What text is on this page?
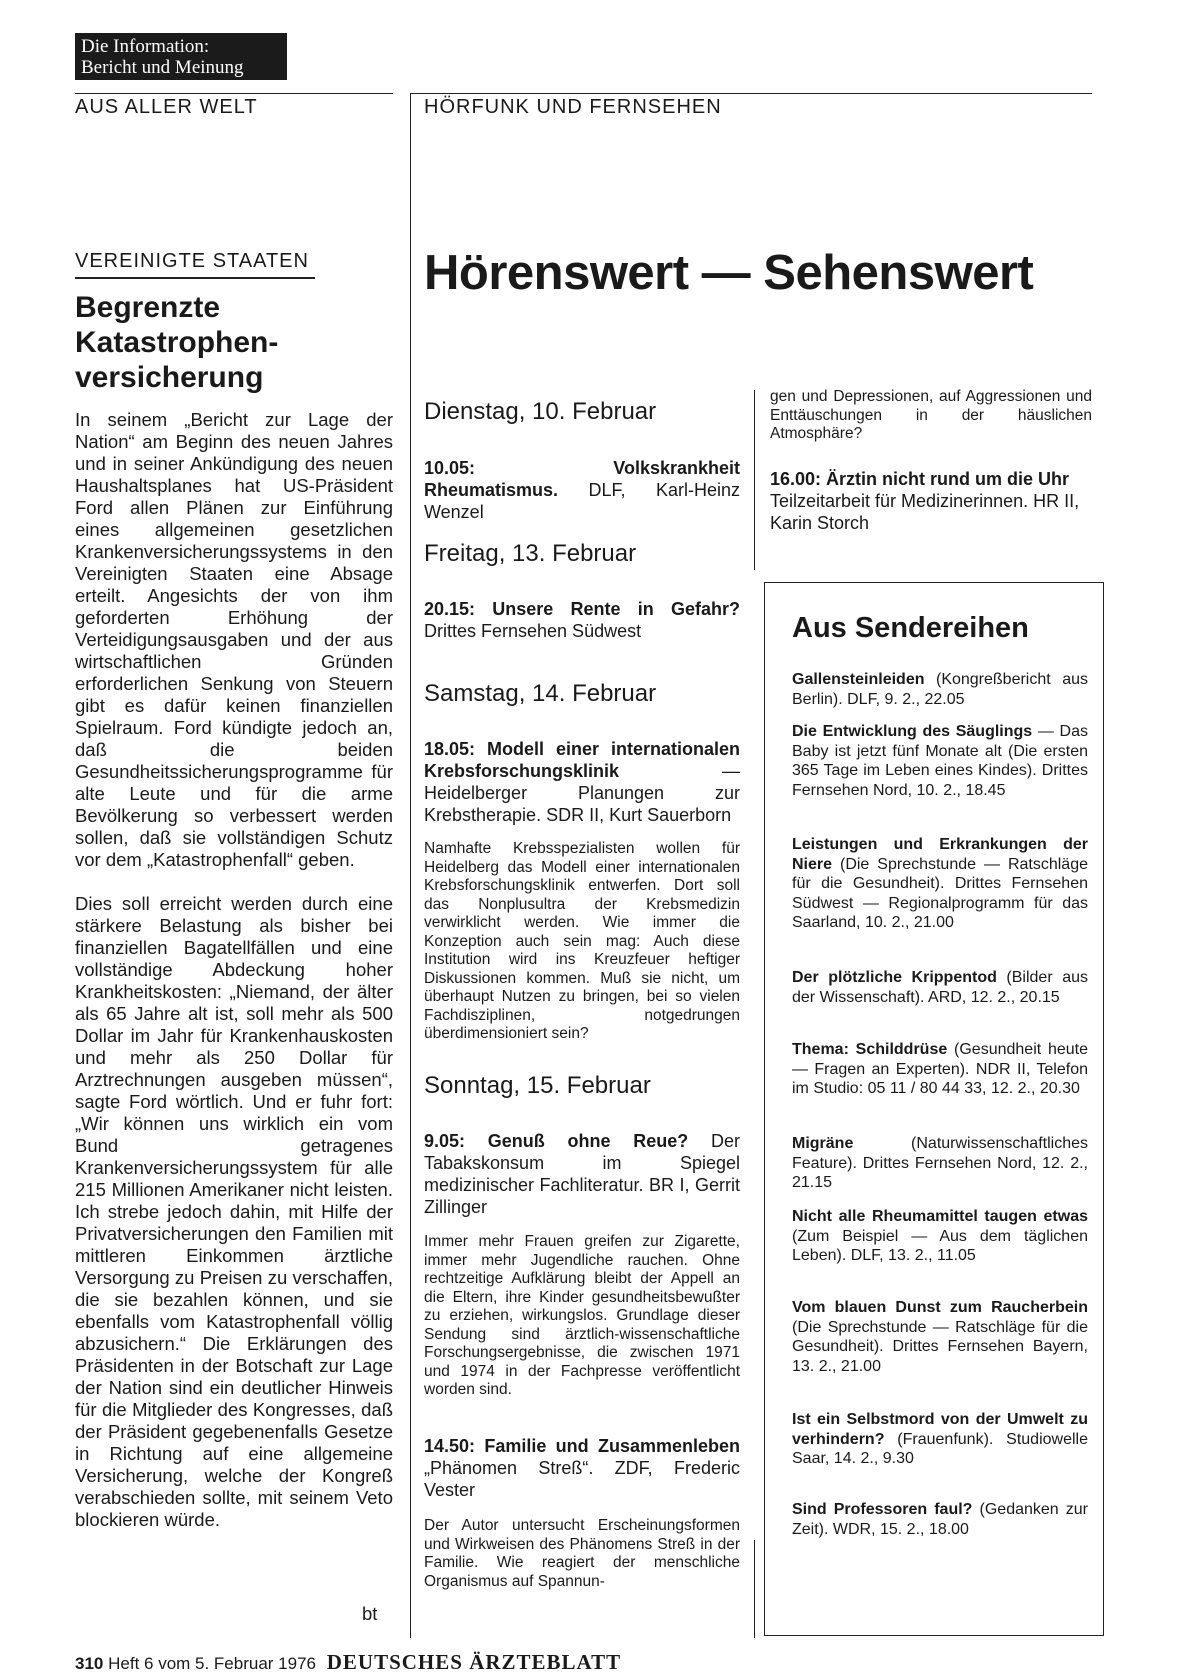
Die Information:
Bericht und Meinung
AUS ALLER WELT	HÖRFUNK UND FERNSEHEN
VEREINIGTE STAATEN
Begrenzte
Katastrophen-
versicherung
In seinem „Bericht zur Lage der Nation“ am Beginn des neuen Jahres und in seiner Ankündigung des neuen Haushaltsplanes hat US-Präsident Ford allen Plänen zur Einführung eines allgemeinen gesetzlichen Krankenversicherungssystems in den Vereinigten Staaten eine Absage erteilt. Angesichts der von ihm geforderten Erhöhung der Verteidigungsausgaben und der aus wirtschaftlichen Gründen erforderlichen Senkung von Steuern gibt es dafür keinen finanziellen Spielraum. Ford kündigte jedoch an, daß die beiden Gesundheitssicherungsprogramme für alte Leute und für die arme Bevölkerung so verbessert werden sollen, daß sie vollständigen Schutz vor dem „Katastrophenfall“ geben.
Dies soll erreicht werden durch eine stärkere Belastung als bisher bei finanziellen Bagatellfällen und eine vollständige Abdeckung hoher Krankheitskosten: „Niemand, der älter als 65 Jahre alt ist, soll mehr als 500 Dollar im Jahr für Krankenhauskosten und mehr als 250 Dollar für Arztrechnungen ausgeben müssen“, sagte Ford wörtlich. Und er fuhr fort: „Wir können uns wirklich ein vom Bund getragenes Krankenversicherungssystem für alle 215 Millionen Amerikaner nicht leisten. Ich strebe jedoch dahin, mit Hilfe der Privatversicherungen den Familien mit mittleren Einkommen ärztliche Versorgung zu Preisen zu verschaffen, die sie bezahlen können, und sie ebenfalls vom Katastrophenfall völlig abzusichern.“ Die Erklärungen des Präsidenten in der Botschaft zur Lage der Nation sind ein deutlicher Hinweis für die Mitglieder des Kongresses, daß der Präsident gegebenenfalls Gesetze in Richtung auf eine allgemeine Versicherung, welche der Kongreß verabschieden sollte, mit seinem Veto blockieren würde.
bt
Hörenswert — Sehenswert
Dienstag, 10. Februar
10.05: Volkskrankheit Rheumatismus. DLF, Karl-Heinz Wenzel
Freitag, 13. Februar
20.15: Unsere Rente in Gefahr? Drittes Fernsehen Südwest
Samstag, 14. Februar
18.05: Modell einer internationalen Krebsforschungsklinik — Heidelberger Planungen zur Krebstherapie. SDR II, Kurt Sauerborn
Namhafte Krebsspezialisten wollen für Heidelberg das Modell einer internationalen Krebsforschungsklinik entwerfen. Dort soll das Nonplusultra der Krebsmedizin verwirklicht werden. Wie immer die Konzeption auch sein mag: Auch diese Institution wird ins Kreuzfeuer heftiger Diskussionen kommen. Muß sie nicht, um überhaupt Nutzen zu bringen, bei so vielen Fachdisziplinen, notgedrungen überdimensioniert sein?
Sonntag, 15. Februar
9.05: Genuß ohne Reue? Der Tabakskonsum im Spiegel medizinischer Fachliteratur. BR I, Gerrit Zillinger
Immer mehr Frauen greifen zur Zigarette, immer mehr Jugendliche rauchen. Ohne rechtzeitige Aufklärung bleibt der Appell an die Eltern, ihre Kinder gesundheitsbewußter zu erziehen, wirkungslos. Grundlage dieser Sendung sind ärztlich-wissenschaftliche Forschungsergebnisse, die zwischen 1971 und 1974 in der Fachpresse veröffentlicht worden sind.
14.50: Familie und Zusammenleben „Phänomen Streß“. ZDF, Frederic Vester
Der Autor untersucht Erscheinungsformen und Wirkweisen des Phänomens Streß in der Familie. Wie reagiert der menschliche Organismus auf Spannun-
gen und Depressionen, auf Aggressionen und Enttäuschungen in der häuslichen Atmosphäre?
16.00: Ärztin nicht rund um die Uhr Teilzeitarbeit für Medizinerinnen. HR II, Karin Storch
Aus Sendereihen
Gallensteinleiden (Kongreßbericht aus Berlin). DLF, 9. 2., 22.05
Die Entwicklung des Säuglings — Das Baby ist jetzt fünf Monate alt (Die ersten 365 Tage im Leben eines Kindes). Drittes Fernsehen Nord, 10. 2., 18.45
Leistungen und Erkrankungen der Niere (Die Sprechstunde — Ratschläge für die Gesundheit). Drittes Fernsehen Südwest — Regionalprogramm für das Saarland, 10. 2., 21.00
Der plötzliche Krippentod (Bilder aus der Wissenschaft). ARD, 12. 2., 20.15
Thema: Schilddrüse (Gesundheit heute — Fragen an Experten). NDR II, Telefon im Studio: 05 11 / 80 44 33, 12. 2., 20.30
Migräne (Naturwissenschaftliches Feature). Drittes Fernsehen Nord, 12. 2., 21.15
Nicht alle Rheumamittel taugen etwas (Zum Beispiel — Aus dem täglichen Leben). DLF, 13. 2., 11.05
Vom blauen Dunst zum Raucherbein (Die Sprechstunde — Ratschläge für die Gesundheit). Drittes Fernsehen Bayern, 13. 2., 21.00
Ist ein Selbstmord von der Umwelt zu verhindern? (Frauenfunk). Studiowelle Saar, 14. 2., 9.30
Sind Professoren faul? (Gedanken zur Zeit). WDR, 15. 2., 18.00
310 Heft 6 vom 5. Februar 1976 DEUTSCHES ÄRZTEBLATT
